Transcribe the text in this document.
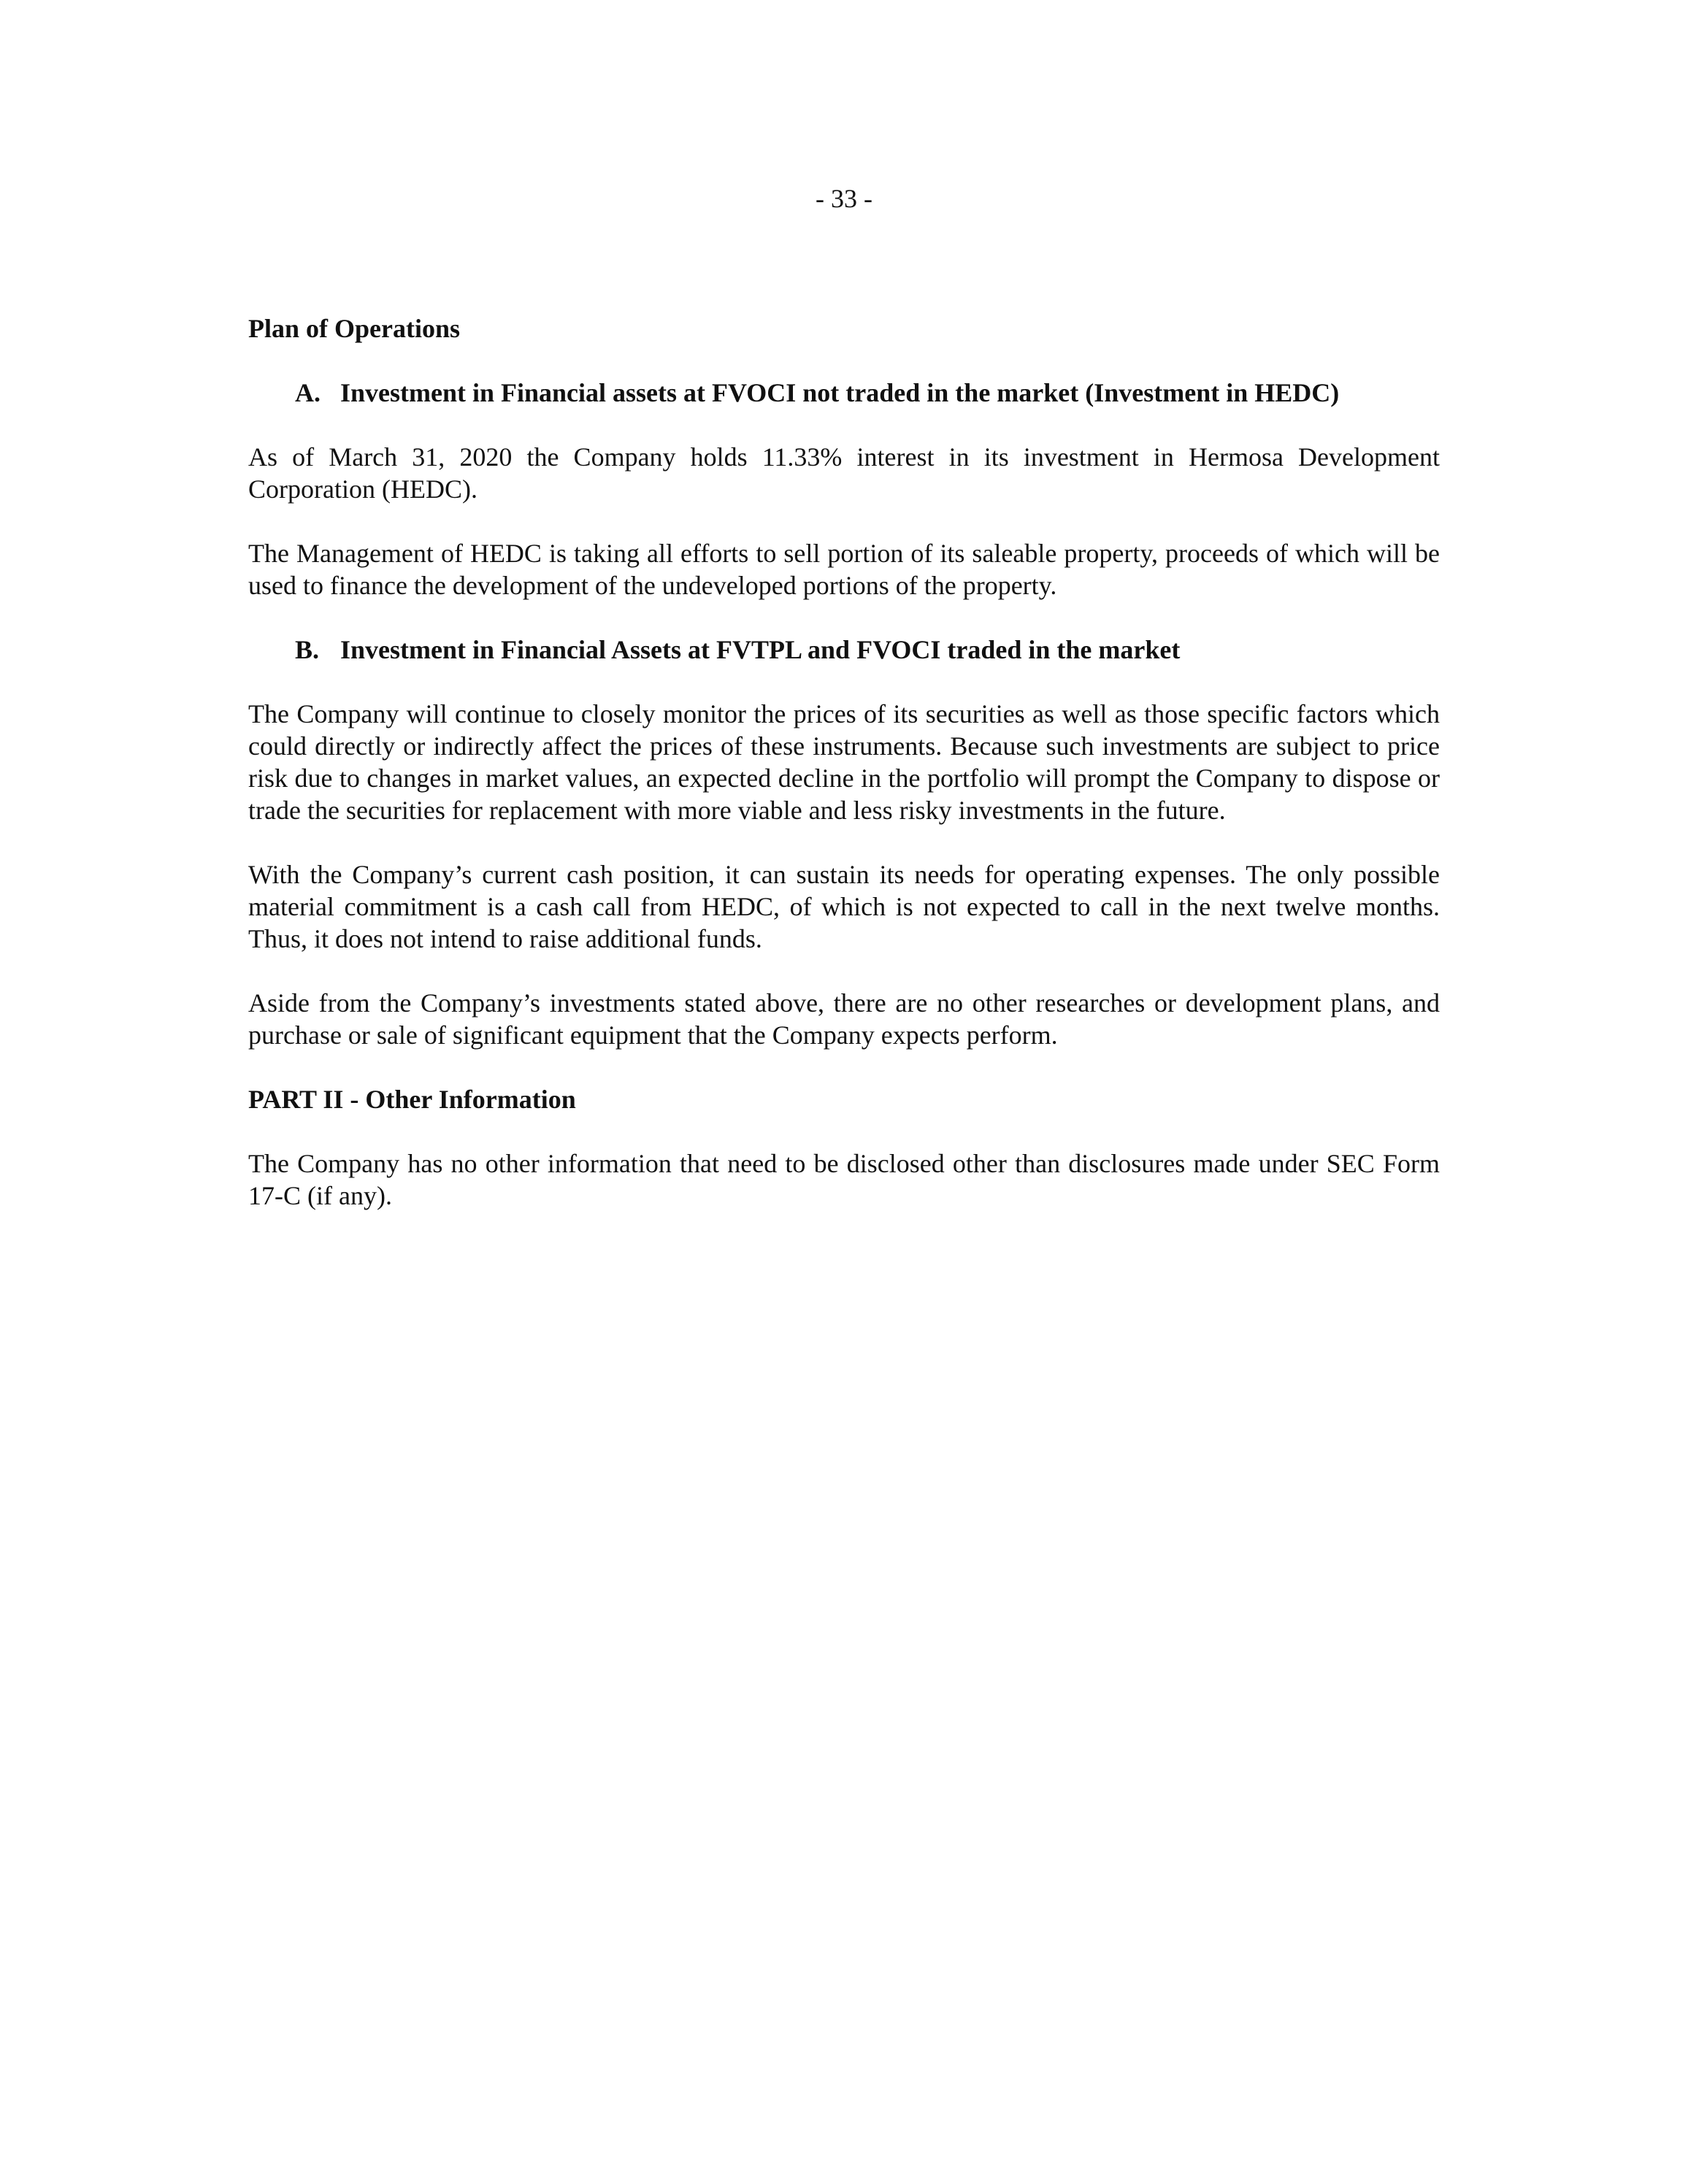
- 33 -

Plan of Operations

A. Investment in Financial assets at FVOCI not traded in the market (Investment in HEDC)

As of March 31, 2020 the Company holds 11.33% interest in its investment in Hermosa Development Corporation (HEDC).

The Management of HEDC is taking all efforts to sell portion of its saleable property, proceeds of which will be used to finance the development of the undeveloped portions of the property.

B. Investment in Financial Assets at FVTPL and FVOCI traded in the market

The Company will continue to closely monitor the prices of its securities as well as those specific factors which could directly or indirectly affect the prices of these instruments. Because such investments are subject to price risk due to changes in market values, an expected decline in the portfolio will prompt the Company to dispose or trade the securities for replacement with more viable and less risky investments in the future.

With the Company’s current cash position, it can sustain its needs for operating expenses. The only possible material commitment is a cash call from HEDC, of which is not expected to call in the next twelve months. Thus, it does not intend to raise additional funds.

Aside from the Company’s investments stated above, there are no other researches or development plans, and purchase or sale of significant equipment that the Company expects perform.

PART II - Other Information

The Company has no other information that need to be disclosed other than disclosures made under SEC Form 17-C (if any).
